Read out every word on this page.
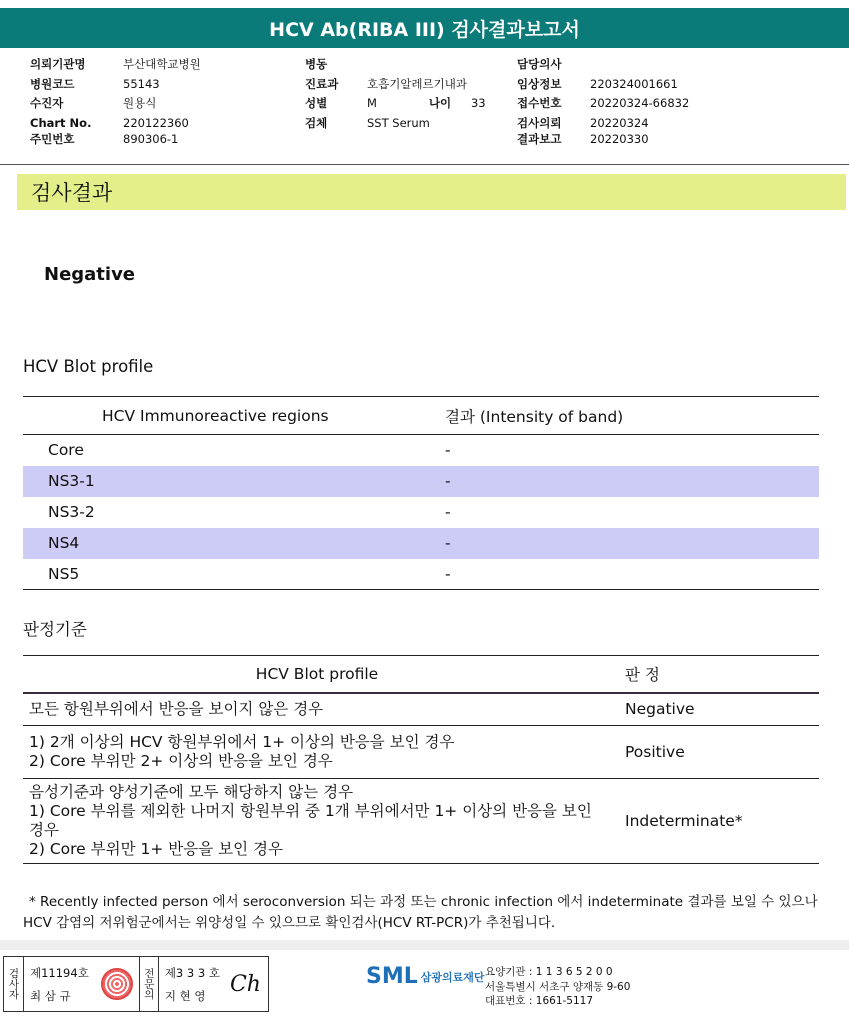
HCV Ab(RIBA III) 검사결과보고서
의뢰기관명	부산대학교병원
병원코드	55143
수진자	원용식
Chart No.	220122360
주민번호	890306-1
병동
진료과	호흡기알레르기내과
성별	M	나이	33
검체	SST Serum
담당의사
임상정보	220324001661
접수번호	20220324-66832
검사의뢰	20220324
결과보고	20220330
검사결과
Negative
HCV Blot profile
HCV Immunoreactive regions	결과 (Intensity of band)
Core	-
NS3-1	-
NS3-2	-
NS4	-
NS5	-
판정기준
HCV Blot profile	판 정

모든 항원부위에서 반응을 보이지 않은 경우	Negative

1) 2개 이상의 HCV 항원부위에서 1+ 이상의 반응을 보인 경우
2) Core 부위만 2+ 이상의 반응을 보인 경우	Positive

음성기준과 양성기준에 모두 해당하지 않는 경우
1) Core 부위를 제외한 나머지 항원부위 중 1개 부위에서만 1+ 이상의 반응을 보인 경우
2) Core 부위만 1+ 반응을 보인 경우	Indeterminate*
* Recently infected person 에서 seroconversion 되는 과정 또는 chronic infection 에서 indeterminate 결과를 보일 수 있으나 HCV 감염의 저위험군에서는 위양성일 수 있으므로 확인검사(HCV RT-PCR)가 추천됩니다.
검사자 제11194호
최 삼 규	전문의 제3 3 3 호
지 현 영	Ch	SML 삼광의료재단 요양기관 : 1 1 3 6 5 2 0 0
서울특별시 서초구 양재동 9-60
대표번호 : 1661-5117
